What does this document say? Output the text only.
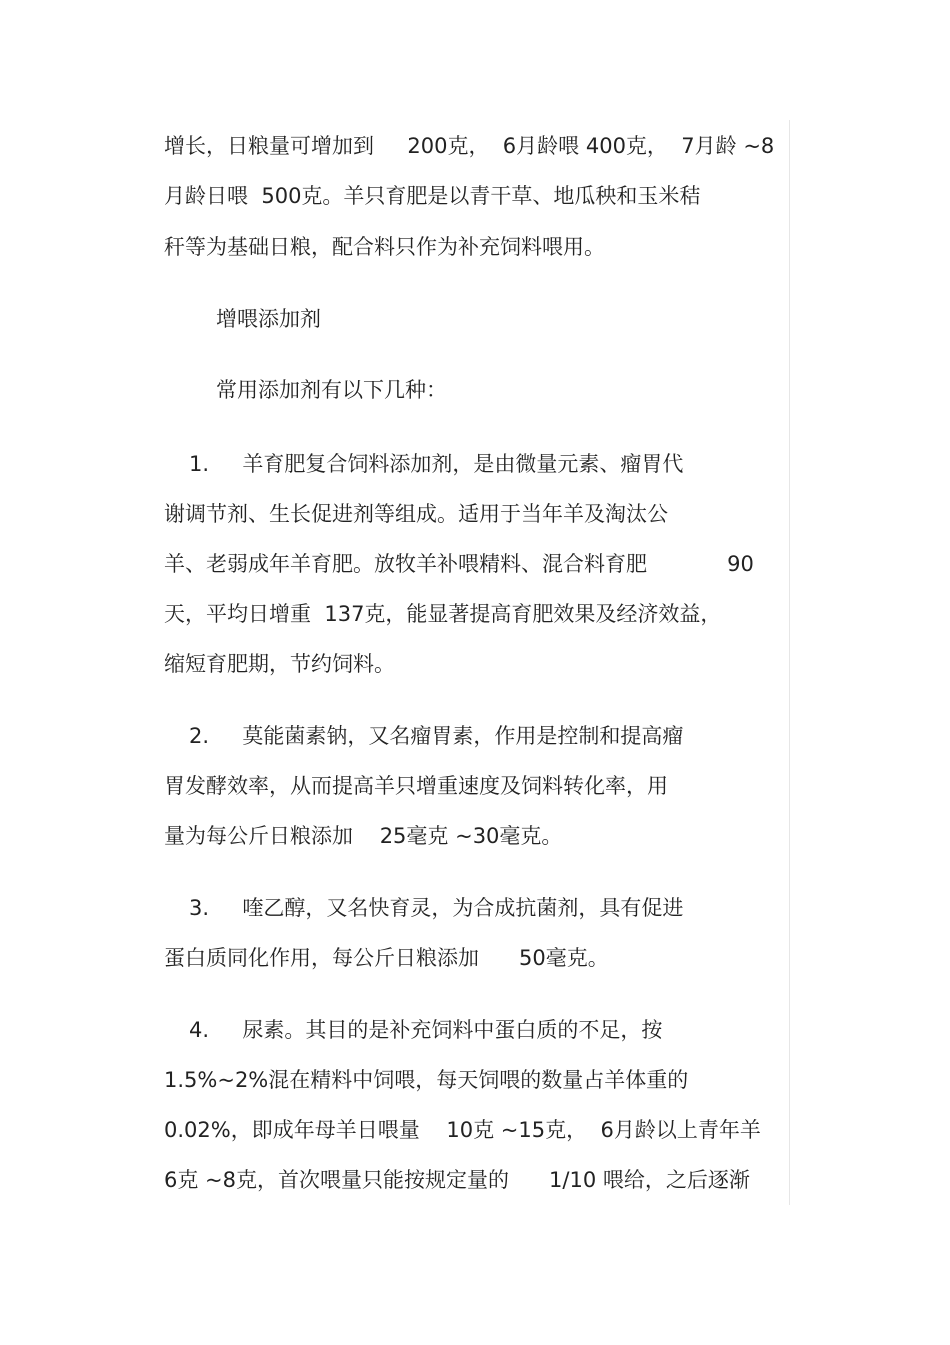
增长，日粮量可增加到     200克，  6月龄喂 400克，  7月龄 ~8
月龄日喂  500克。羊只育肥是以青干草、地瓜秧和玉米秸
秆等为基础日粮，配合料只作为补充饲料喂用。
增喂添加剂
常用添加剂有以下几种：
1.     羊育肥复合饲料添加剂，是由微量元素、瘤胃代
谢调节剂、生长促进剂等组成。适用于当年羊及淘汰公
羊、老弱成年羊育肥。放牧羊补喂精料、混合料育肥            90
天，平均日增重  137克，能显著提高育肥效果及经济效益，
缩短育肥期，节约饲料。
2.     莫能菌素钠，又名瘤胃素，作用是控制和提高瘤
胃发酵效率，从而提高羊只增重速度及饲料转化率，用
量为每公斤日粮添加    25毫克 ~30毫克。
3.     喹乙醇，又名快育灵，为合成抗菌剂，具有促进
蛋白质同化作用，每公斤日粮添加      50毫克。
4.     尿素。其目的是补充饲料中蛋白质的不足，按
1.5%~2%混在精料中饲喂，每天饲喂的数量占羊体重的
0.02%，即成年母羊日喂量    10克 ~15克，  6月龄以上青年羊
6克 ~8克，首次喂量只能按规定量的      1/10 喂给，之后逐渐
